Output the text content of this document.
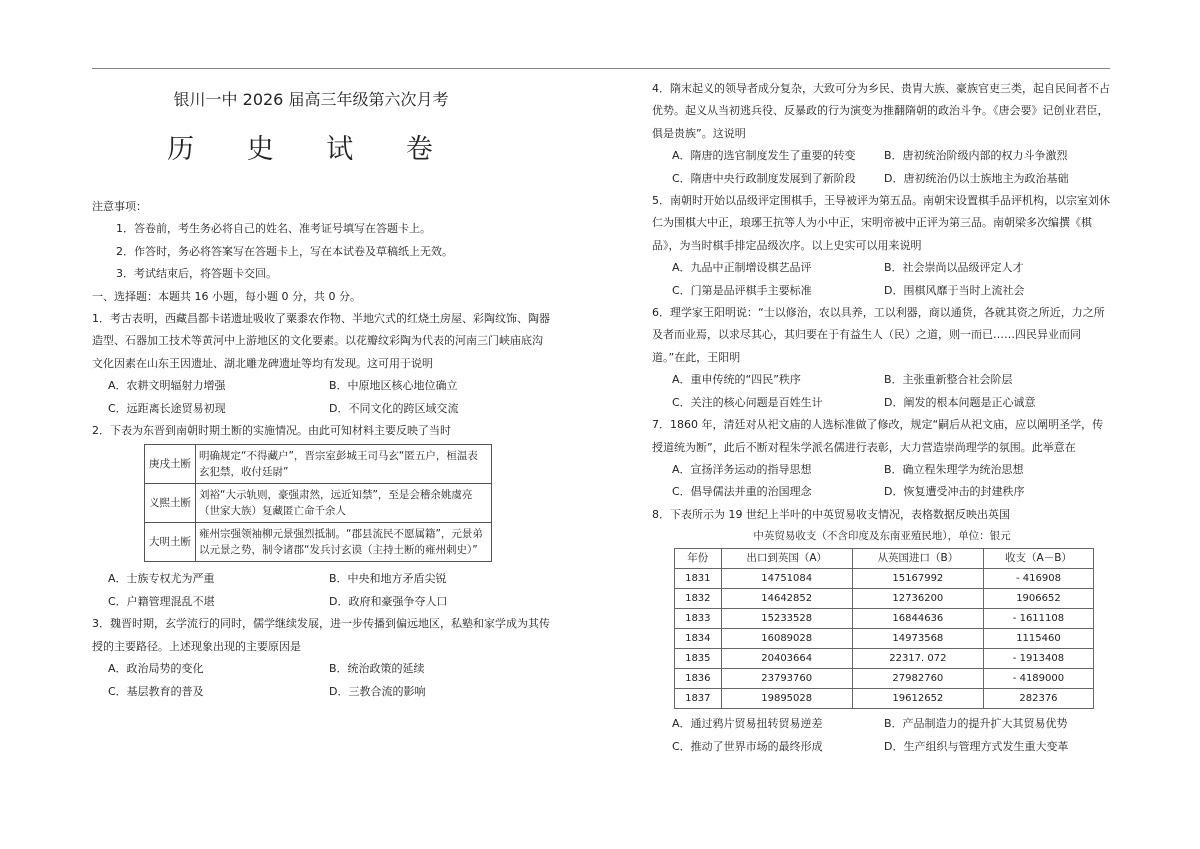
银川一中 2026 届高三年级第六次月考
历 史 试 卷
注意事项：
1．答卷前，考生务必将自己的姓名、准考证号填写在答题卡上。
2．作答时，务必将答案写在答题卡上，写在本试卷及草稿纸上无效。
3．考试结束后，将答题卡交回。
一、选择题：本题共 16 小题，每小题 0 分，共 0 分。
1．考古表明，西藏昌都卡诺遗址吸收了粟黍农作物、半地穴式的红烧土房屋、彩陶纹饰、陶器造型、石器加工技术等黄河中上游地区的文化要素。以花瓣纹彩陶为代表的河南三门峡庙底沟文化因素在山东王因遗址、湖北雕龙碑遗址等均有发现。这可用于说明
A．农耕文明辐射力增强	B．中原地区核心地位确立
C．远距离长途贸易初现	D．不同文化的跨区域交流
2．下表为东晋到南朝时期土断的实施情况。由此可知材料主要反映了当时
庚戌土断	明确规定“不得藏户”，晋宗室彭城王司马玄“匿五户，桓温表玄犯禁，收付廷尉”
义熙土断	刘裕“大示轨则，豪强肃然，远近知禁”，至是会稽余姚虞亮（世家大族）复藏匿亡命千余人
大明土断	雍州宗强领袖柳元景强烈抵制。“郡县流民不愿属籍”，元景弟以元景之势，制令诸郡“发兵讨玄谟（主持土断的雍州刺史）”
A．士族专权尤为严重	B．中央和地方矛盾尖锐
C．户籍管理混乱不堪	D．政府和豪强争夺人口
3．魏晋时期，玄学流行的同时，儒学继续发展，进一步传播到偏远地区，私塾和家学成为其传授的主要路径。上述现象出现的主要原因是
A．政治局势的变化	B．统治政策的延续
C．基层教育的普及	D．三教合流的影响
4．隋末起义的领导者成分复杂，大致可分为乡民、贵胄大族、豪族官吏三类，起自民间者不占优势。起义从当初逃兵役、反暴政的行为演变为推翻隋朝的政治斗争。《唐会要》记创业君臣，俱是贵族”。这说明
A．隋唐的选官制度发生了重要的转变	B．唐初统治阶级内部的权力斗争激烈
C．隋唐中央行政制度发展到了新阶段	D．唐初统治仍以士族地主为政治基础
5．南朝时开始以品级评定围棋手，王导被评为第五品。南朝宋设置棋手品评机构，以宗室刘休仁为围棋大中正，琅琊王抗等人为小中正，宋明帝被中正评为第三品。南朝梁多次编撰《棋品》，为当时棋手排定品级次序。以上史实可以用来说明
A．九品中正制增设棋艺品评	B．社会崇尚以品级评定人才
C．门第是品评棋手主要标准	D．围棋风靡于当时上流社会
6．理学家王阳明说：“士以修治，农以具养，工以利器，商以通货，各就其资之所近，力之所及者而业焉，以求尽其心，其归要在于有益生人（民）之道，则一而已……四民异业而同道。”在此，王阳明
A．重申传统的“四民”秩序	B．主张重新整合社会阶层
C．关注的核心问题是百姓生计	D．阐发的根本问题是正心诚意
7．1860 年，清廷对从祀文庙的人选标准做了修改，规定“嗣后从祀文庙，应以阐明圣学，传授道统为断”，此后不断对程朱学派名儒进行表彰，大力营造崇尚理学的氛围。此举意在
A．宣扬洋务运动的指导思想	B．确立程朱理学为统治思想
C．倡导儒法并重的治国理念	D．恢复遭受冲击的封建秩序
8．下表所示为 19 世纪上半叶的中英贸易收支情况，表格数据反映出英国
中英贸易收支（不含印度及东南亚殖民地），单位：银元
年份	出口到英国（A）	从英国进口（B）	收支（A－B）
1831	14751084	15167992	- 416908
1832	14642852	12736200	1906652
1833	15233528	16844636	- 1611108
1834	16089028	14973568	1115460
1835	20403664	22317. 072	- 1913408
1836	23793760	27982760	- 4189000
1837	19895028	19612652	282376
A．通过鸦片贸易扭转贸易逆差	B．产品制造力的提升扩大其贸易优势
C．推动了世界市场的最终形成	D．生产组织与管理方式发生重大变革
